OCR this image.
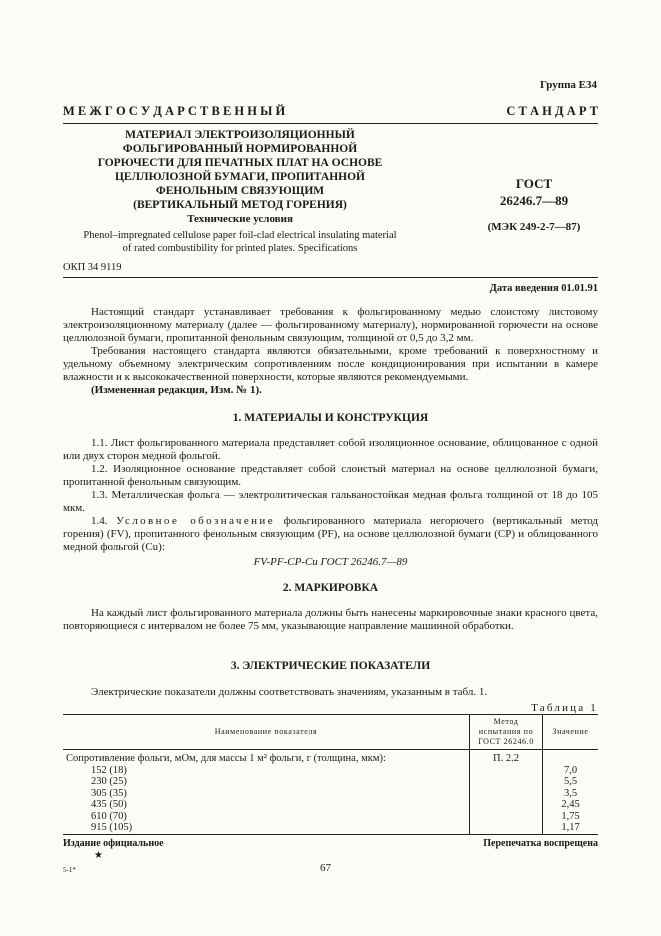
Группа Е34
М Е Ж Г О С У Д А Р С Т В Е Н Н Ы Й	С Т А Н Д А Р Т
МАТЕРИАЛ ЭЛЕКТРОИЗОЛЯЦИОННЫЙ
ФОЛЬГИРОВАННЫЙ НОРМИРОВАННОЙ
ГОРЮЧЕСТИ ДЛЯ ПЕЧАТНЫХ ПЛАТ НА ОСНОВЕ
ЦЕЛЛЮЛОЗНОЙ БУМАГИ, ПРОПИТАННОЙ
ФЕНОЛЬНЫМ СВЯЗУЮЩИМ
(ВЕРТИКАЛЬНЫЙ МЕТОД ГОРЕНИЯ)
Технические условия
Phenol–impregnated cellulose paper foil-clad electrical insulating material
of rated combustibility for printed plates. Specifications
ГОСТ
26246.7—89
(МЭК 249-2-7—87)
ОКП 34 9119
Дата введения 01.01.91

Настоящий стандарт устанавливает требования к фольгированному медью слоистому листовому электроизоляционному материалу (далее — фольгированному материалу), нормированной горючести на основе целлюлозной бумаги, пропитанной фенольным связующим, толщиной от 0,5 до 3,2 мм.

Требования настоящего стандарта являются обязательными, кроме требований к поверхностному и удельному объемному электрическим сопротивлениям после кондиционирования при испытании в камере влажности и к высококачественной поверхности, которые являются рекомендуемыми.

(Измененная редакция, Изм. № 1).

1. МАТЕРИАЛЫ И КОНСТРУКЦИЯ

1.1. Лист фольгированного материала представляет собой изоляционное основание, облицованное с одной или двух сторон медной фольгой.

1.2. Изоляционное основание представляет собой слоистый материал на основе целлюлозной бумаги, пропитанной фенольным связующим.

1.3. Металлическая фольга — электролитическая гальваностойкая медная фольга толщиной от 18 до 105 мкм.

1.4. Условное обозначение фольгированного материала негорючего (вертикальный метод горения) (FV), пропитанного фенольным связующим (PF), на основе целлюлозной бумаги (CP) и облицованного медной фольгой (Cu):

FV-PF-CP-Cu ГОСТ 26246.7—89
2. МАРКИРОВКА

На каждый лист фольгированного материала должны быть нанесены маркировочные знаки красного цвета, повторяющиеся с интервалом не более 75 мм, указывающие направление машинной обработки.

3. ЭЛЕКТРИЧЕСКИЕ ПОКАЗАТЕЛИ

Электрические показатели должны соответствовать значениям, указанным в табл. 1.

Таблица 1
Наименование показателя	Метод испытания по ГОСТ 26246.0	Значение
Сопротивление фольги, мОм, для массы 1 м² фольги, г (толщина, мкм):	П. 2.2	
152 (18)		7,0
230 (25)		5,5
305 (35)		3,5
435 (50)		2,45
610 (70)		1,75
915 (105)		1,17
Издание официальное
★
5-1*	67
Перепечатка воспрещена
